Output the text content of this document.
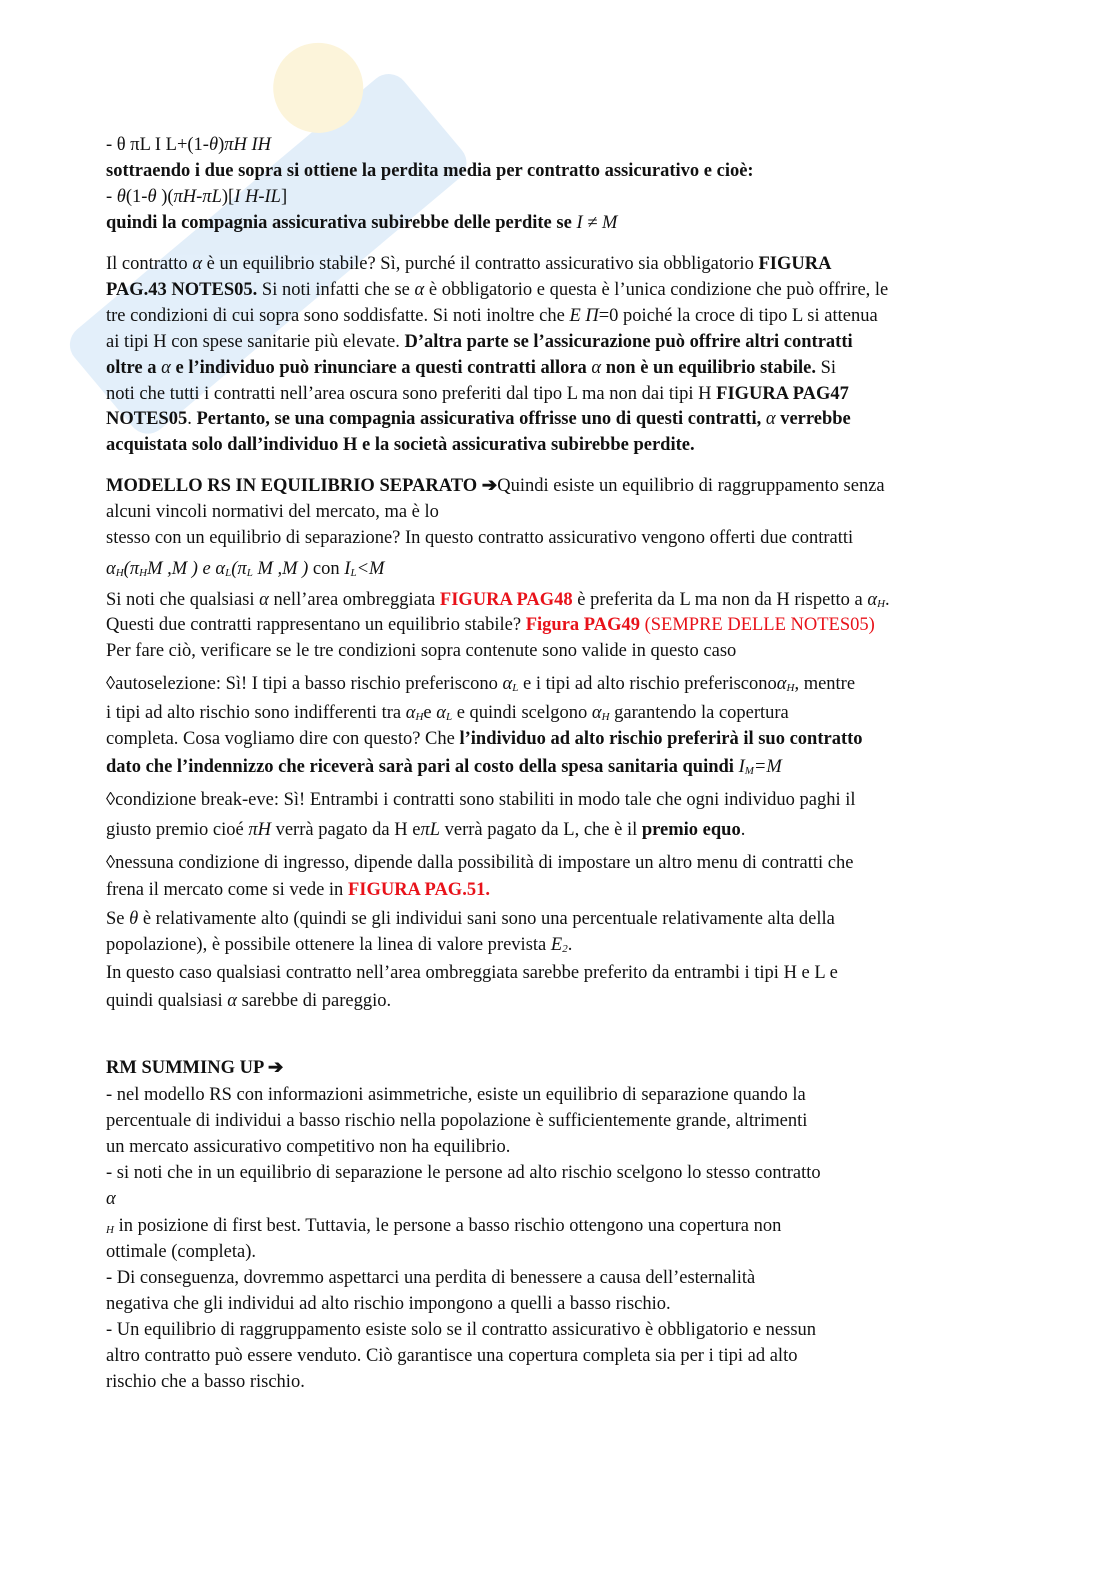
- θ πL I L+(1-θ)πH IH
sottraendo i due sopra si ottiene la perdita media per contratto assicurativo e cioè:
- θ(1-θ )(πH-πL)[I H-IL]
quindi la compagnia assicurativa subirebbe delle perdite se I ≠ M
Il contratto α è un equilibrio stabile? Sì, purché il contratto assicurativo sia obbligatorio FIGURA
PAG.43 NOTES05. Si noti infatti che se α è obbligatorio e questa è l’unica condizione che può offrire, le
tre condizioni di cui sopra sono soddisfatte. Si noti inoltre che E Π=0 poiché la croce di tipo L si attenua
ai tipi H con spese sanitarie più elevate. D’altra parte se l’assicurazione può offrire altri contratti
oltre a α e l’individuo può rinunciare a questi contratti allora α non è un equilibrio stabile. Si
noti che tutti i contratti nell’area oscura sono preferiti dal tipo L ma non dai tipi H FIGURA PAG47
NOTES05. Pertanto, se una compagnia assicurativa offrisse uno di questi contratti, α verrebbe
acquistata solo dall’individuo H e la società assicurativa subirebbe perdite.
MODELLO RS IN EQUILIBRIO SEPARATO ➔Quindi esiste un equilibrio di raggruppamento senza
alcuni vincoli normativi del mercato, ma è lo
stesso con un equilibrio di separazione? In questo contratto assicurativo vengono offerti due contratti
αH(πHM ,M ) e αL(πL M ,M ) con IL<M
Si noti che qualsiasi α nell’area ombreggiata FIGURA PAG48 è preferita da L ma non da H rispetto a αH.
Questi due contratti rappresentano un equilibrio stabile? Figura PAG49 (SEMPRE DELLE NOTES05)
Per fare ciò, verificare se le tre condizioni sopra contenute sono valide in questo caso
◊autoselezione: Sì! I tipi a basso rischio preferiscono αL e i tipi ad alto rischio preferisconoαH, mentre
i tipi ad alto rischio sono indifferenti tra αHe αL e quindi scelgono αH garantendo la copertura
completa. Cosa vogliamo dire con questo? Che l’individuo ad alto rischio preferirà il suo contratto
dato che l’indennizzo che riceverà sarà pari al costo della spesa sanitaria quindi IM=M
◊condizione break-eve: Sì! Entrambi i contratti sono stabiliti in modo tale che ogni individuo paghi il
giusto premio cioé πH verrà pagato da H eπL verrà pagato da L, che è il premio equo.
◊nessuna condizione di ingresso, dipende dalla possibilità di impostare un altro menu di contratti che
frena il mercato come si vede in FIGURA PAG.51.
Se θ è relativamente alto (quindi se gli individui sani sono una percentuale relativamente alta della
popolazione), è possibile ottenere la linea di valore prevista E2.
In questo caso qualsiasi contratto nell’area ombreggiata sarebbe preferito da entrambi i tipi H e L e
quindi qualsiasi α sarebbe di pareggio.
RM SUMMING UP ➔
- nel modello RS con informazioni asimmetriche, esiste un equilibrio di separazione quando la
percentuale di individui a basso rischio nella popolazione è sufficientemente grande, altrimenti
un mercato assicurativo competitivo non ha equilibrio.
- si noti che in un equilibrio di separazione le persone ad alto rischio scelgono lo stesso contratto
α
H in posizione di first best. Tuttavia, le persone a basso rischio ottengono una copertura non
ottimale (completa).
- Di conseguenza, dovremmo aspettarci una perdita di benessere a causa dell’esternalità
negativa che gli individui ad alto rischio impongono a quelli a basso rischio.
- Un equilibrio di raggruppamento esiste solo se il contratto assicurativo è obbligatorio e nessun
altro contratto può essere venduto. Ciò garantisce una copertura completa sia per i tipi ad alto
rischio che a basso rischio.
